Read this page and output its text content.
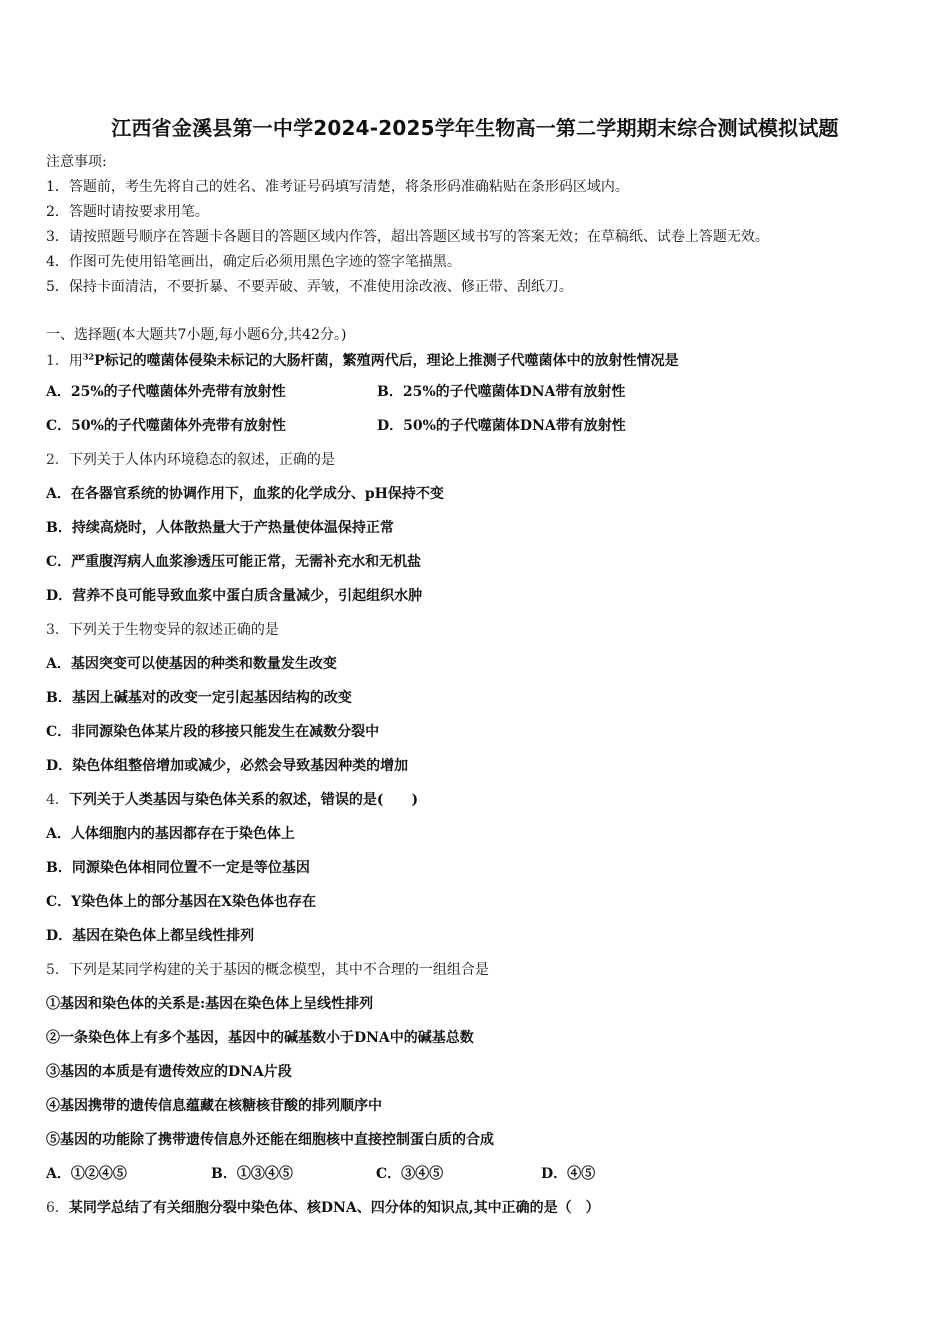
江西省金溪县第一中学2024-2025学年生物高一第二学期期末综合测试模拟试题
注意事项:
1．答题前，考生先将自己的姓名、准考证号码填写清楚，将条形码准确粘贴在条形码区域内。
2．答题时请按要求用笔。
3．请按照题号顺序在答题卡各题目的答题区域内作答，超出答题区域书写的答案无效；在草稿纸、试卷上答题无效。
4．作图可先使用铅笔画出，确定后必须用黑色字迹的签字笔描黑。
5．保持卡面清洁，不要折暴、不要弄破、弄皱，不准使用涂改液、修正带、刮纸刀。
一、选择题(本大题共7小题,每小题6分,共42分。)
1．用$^{32}$P标记的噬菌体侵染未标记的大肠杆菌，繁殖两代后，理论上推测子代噬菌体中的放射性情况是
A．25%的子代噬菌体外壳带有放射性	B．25%的子代噬菌体DNA带有放射性
C．50%的子代噬菌体外壳带有放射性	D．50%的子代噬菌体DNA带有放射性
2．下列关于人体内环境稳态的叙述，正确的是
A．在各器官系统的协调作用下，血浆的化学成分、pH保持不变
B．持续高烧时，人体散热量大于产热量使体温保持正常
C．严重腹泻病人血浆渗透压可能正常，无需补充水和无机盐
D．营养不良可能导致血浆中蛋白质含量减少，引起组织水肿
3．下列关于生物变异的叙述正确的是
A．基因突变可以使基因的种类和数量发生改变
B．基因上碱基对的改变一定引起基因结构的改变
C．非同源染色体某片段的移接只能发生在减数分裂中
D．染色体组整倍增加或减少，必然会导致基因种类的增加
4．下列关于人类基因与染色体关系的叙述，错误的是(　　)
A．人体细胞内的基因都存在于染色体上
B．同源染色体相同位置不一定是等位基因
C．Y染色体上的部分基因在X染色体也存在
D．基因在染色体上都呈线性排列
5．下列是某同学构建的关于基因的概念模型，其中不合理的一组组合是
①基因和染色体的关系是:基因在染色体上呈线性排列
②一条染色体上有多个基因，基因中的碱基数小于DNA中的碱基总数
③基因的本质是有遗传效应的DNA片段
④基因携带的遗传信息蕴藏在核糖核苷酸的排列顺序中
⑤基因的功能除了携带遗传信息外还能在细胞核中直接控制蛋白质的合成
A．①②④⑤	B．①③④⑤	C．③④⑤	D．④⑤
6．某同学总结了有关细胞分裂中染色体、核DNA、四分体的知识点,其中正确的是（　）
